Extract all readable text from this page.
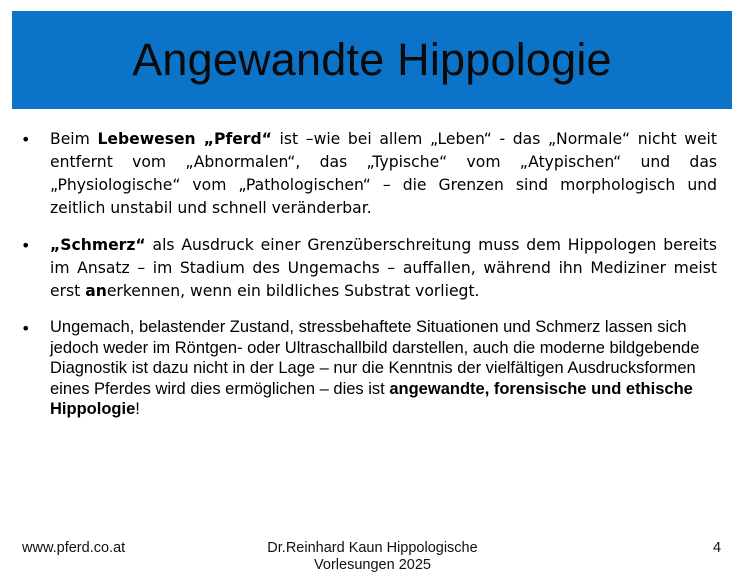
Angewandte Hippologie
•	Beim Lebewesen „Pferd“ ist –wie bei allem „Leben“ - das „Normale“ nicht weit entfernt vom „Abnormalen“, das „Typische“ vom „Atypischen“ und das „Physiologische“ vom „Pathologischen“ – die Grenzen sind morphologisch und zeitlich unstabil und schnell veränderbar.
•	„Schmerz“ als Ausdruck einer Grenzüberschreitung muss dem Hippologen bereits im Ansatz – im Stadium des Ungemachs – auffallen, während ihn Mediziner meist erst anerkennen, wenn ein bildliches Substrat vorliegt.
•	Ungemach, belastender Zustand, stressbehaftete Situationen und Schmerz lassen sich jedoch weder im Röntgen- oder Ultraschallbild darstellen, auch die moderne bildgebende Diagnostik ist dazu nicht in der Lage – nur die Kenntnis der vielfältigen Ausdrucksformen eines Pferdes wird dies ermöglichen – dies ist angewandte, forensische und ethische Hippologie!
www.pferd.co.at	Dr.Reinhard Kaun Hippologische Vorlesungen 2025
4
